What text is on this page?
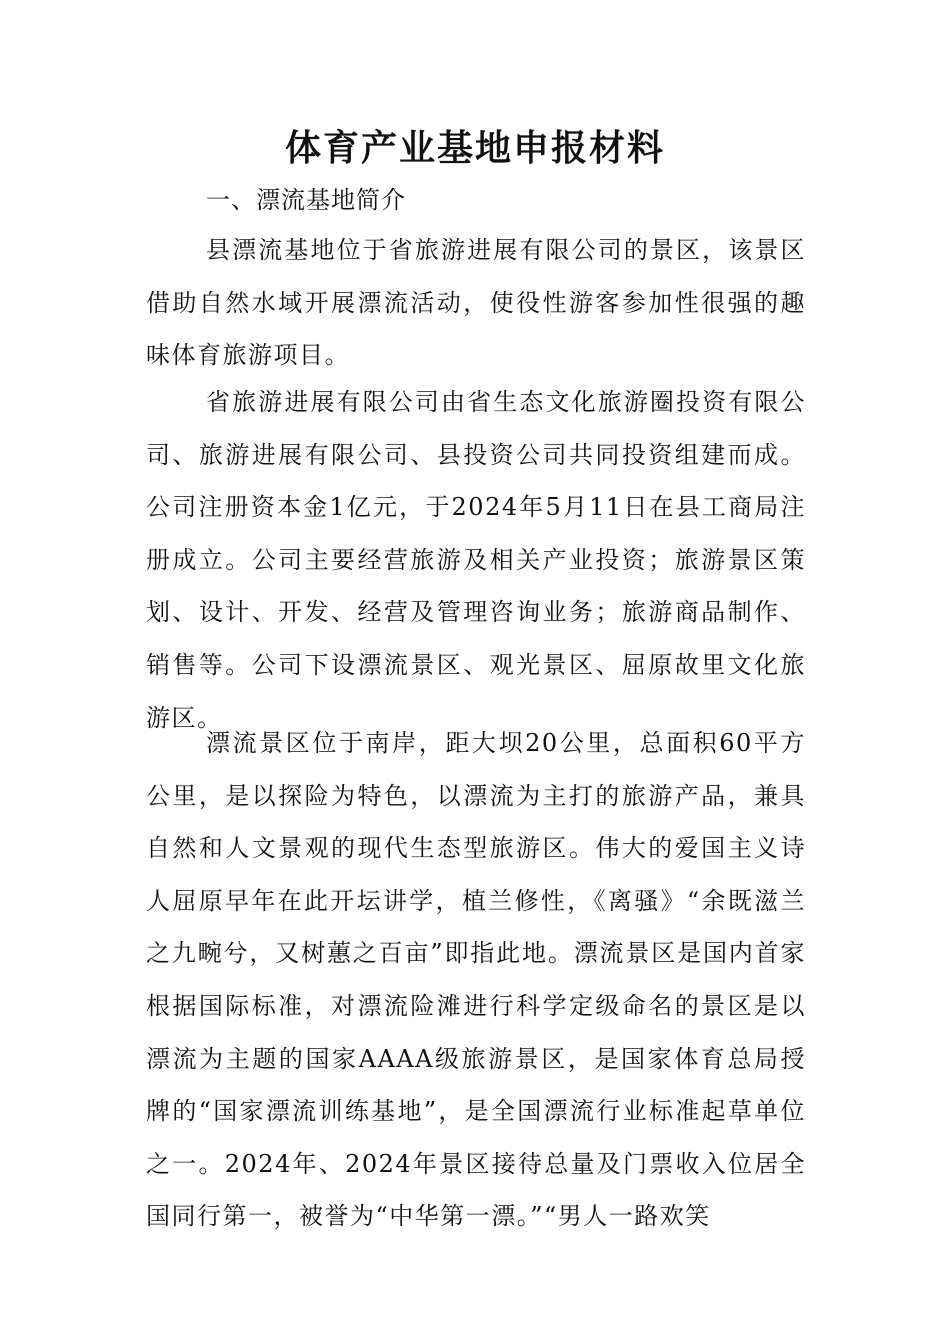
体育产业基地申报材料

一、漂流基地简介

县漂流基地位于省旅游进展有限公司的景区，该景区借助自然水域开展漂流活动，使役性游客参加性很强的趣味体育旅游项目。

省旅游进展有限公司由省生态文化旅游圈投资有限公司、旅游进展有限公司、县投资公司共同投资组建而成。公司注册资本金1亿元，于2024年5月11日在县工商局注册成立。公司主要经营旅游及相关产业投资；旅游景区策划、设计、开发、经营及管理咨询业务；旅游商品制作、销售等。公司下设漂流景区、观光景区、屈原故里文化旅游区。

漂流景区位于南岸，距大坝20公里，总面积60平方公里，是以探险为特色，以漂流为主打的旅游产品，兼具自然和人文景观的现代生态型旅游区。伟大的爱国主义诗人屈原早年在此开坛讲学，植兰修性，《离骚》“余既滋兰之九畹兮，又树蕙之百亩”即指此地。漂流景区是国内首家根据国际标准，对漂流险滩进行科学定级命名的景区是以漂流为主题的国家AAAA级旅游景区，是国家体育总局授牌的“国家漂流训练基地”，是全国漂流行业标准起草单位之一。2024年、2024年景区接待总量及门票收入位居全国同行第一，被誉为“中华第一漂。”“男人一路欢笑
